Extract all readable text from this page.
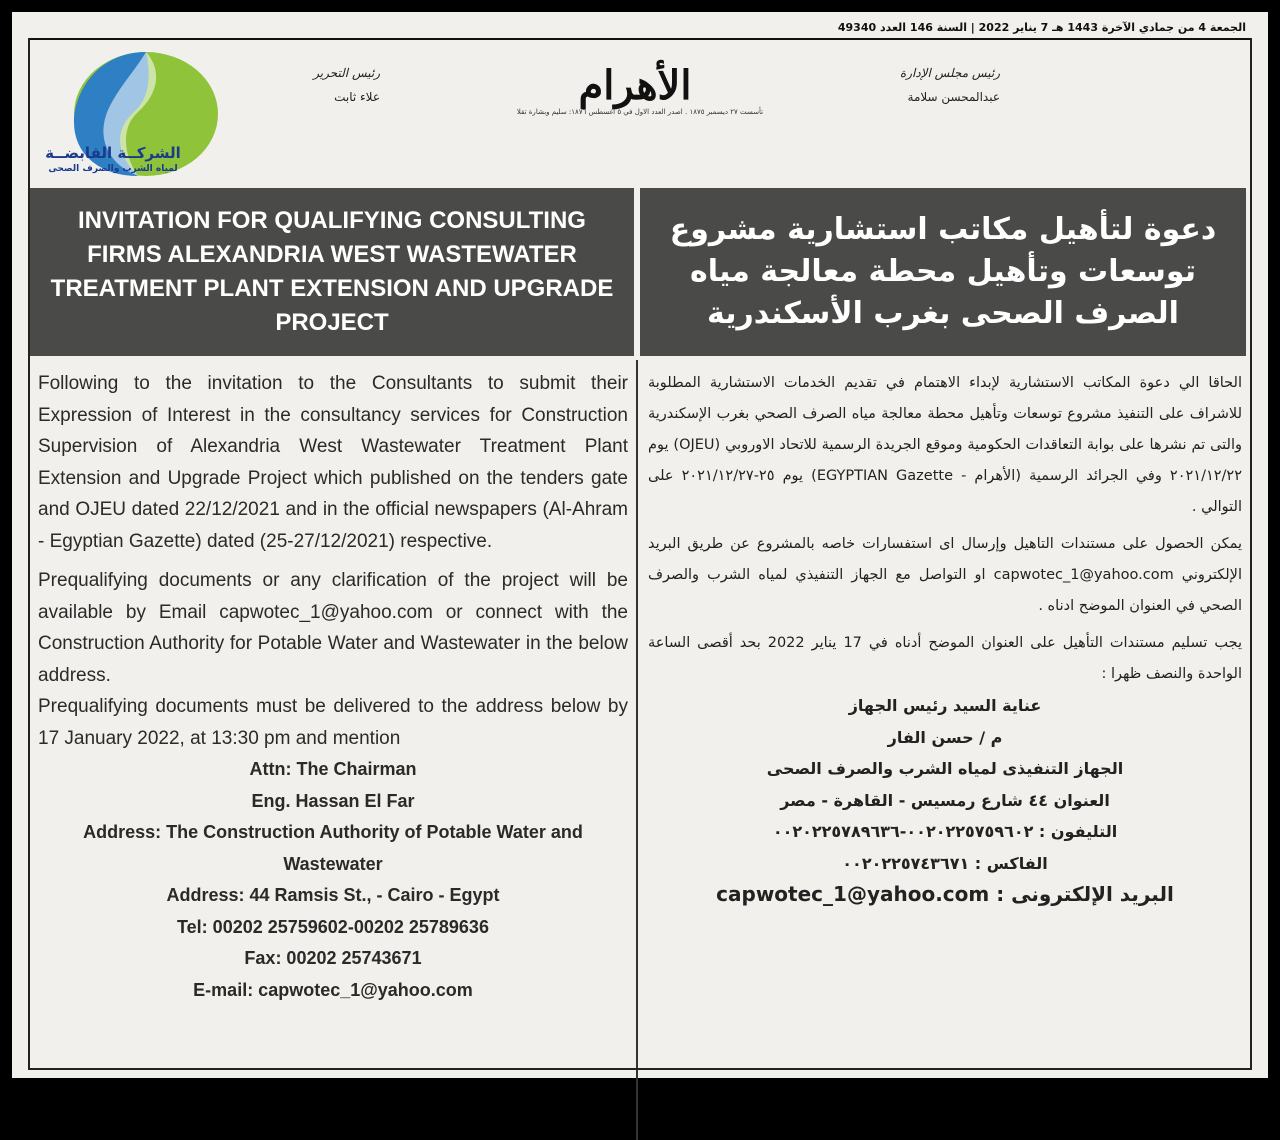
الجمعة 4 من جمادي الآخرة 1443 هـ 7 يناير 2022 | السنة 146 العدد 49340
الشركــة القابضــة
لمياه الشرب والصرف الصحى
رئيس التحرير
علاء ثابت	الأهرام
تأسست ٢٧ ديسمبر ١٨٧٥ . اصدر العدد الاول في ٥ اغسطس ١٨٧٦: سليم وبشارة تقلا
رئيس مجلس الإدارة
عبدالمحسن سلامة
INVITATION FOR QUALIFYING CONSULTING FIRMS ALEXANDRIA WEST WASTEWATER TREATMENT PLANT EXTENSION AND UPGRADE PROJECT
دعوة لتأهيل مكاتب استشارية مشروع توسعات وتأهيل محطة معالجة مياه الصرف الصحى بغرب الأسكندرية

Following to the invitation to the Consultants to submit their Expression of Interest in the consultancy services for Construction Supervision of Alexandria West Wastewater Treatment Plant Extension and Upgrade Project which published on the tenders gate and OJEU dated 22/12/2021 and in the official newspapers (Al-Ahram - Egyptian Gazette) dated (25-27/12/2021) respective.

Prequalifying documents or any clarification of the project will be available by Email capwotec_1@yahoo.com or connect with the Construction Authority for Potable Water and Wastewater in the below address.

Prequalifying documents must be delivered to the address below by 17 January 2022, at 13:30 pm and mention

Attn: The Chairman
Eng. Hassan El Far
Address: The Construction Authority of Potable Water and Wastewater
Address: 44 Ramsis St., - Cairo - Egypt
Tel: 00202 25759602-00202 25789636
Fax: 00202 25743671
E-mail: capwotec_1@yahoo.com

الحاقا الي دعوة المكاتب الاستشارية لإبداء الاهتمام في تقديم الخدمات الاستشارية المطلوبة للاشراف على التنفيذ مشروع توسعات وتأهيل محطة معالجة مياه الصرف الصحي بغرب الإسكندرية والتى تم نشرها على بوابة التعاقدات الحكومية وموقع الجريدة الرسمية للاتحاد الاوروبي (OJEU) يوم ٢٠٢١/١٢/٢٢ وفي الجرائد الرسمية (الأهرام - EGYPTIAN Gazette) يوم ٢٥-٢٠٢١/١٢/٢٧ على التوالي .

يمكن الحصول على مستندات التاهيل وإرسال اى استفسارات خاصه بالمشروع عن طريق البريد الإلكتروني capwotec_1@yahoo.com او التواصل مع الجهاز التنفيذي لمياه الشرب والصرف الصحي في العنوان الموضح ادناه .

يجب تسليم مستندات التأهيل على العنوان الموضح أدناه في 17 يناير 2022 بحد أقصى الساعة الواحدة والنصف ظهرا :

عناية السيد رئيس الجهاز
م / حسن الفار
الجهاز التنفيذى لمياه الشرب والصرف الصحى
العنوان ٤٤ شارع رمسيس - القاهرة - مصر
التليفون : ٠٠٢٠٢٢٥٧٥٩٦٠٢-٠٠٢٠٢٢٥٧٨٩٦٣٦
الفاكس : ٠٠٢٠٢٢٥٧٤٣٦٧١
البريد الإلكترونى : capwotec_1@yahoo.com
